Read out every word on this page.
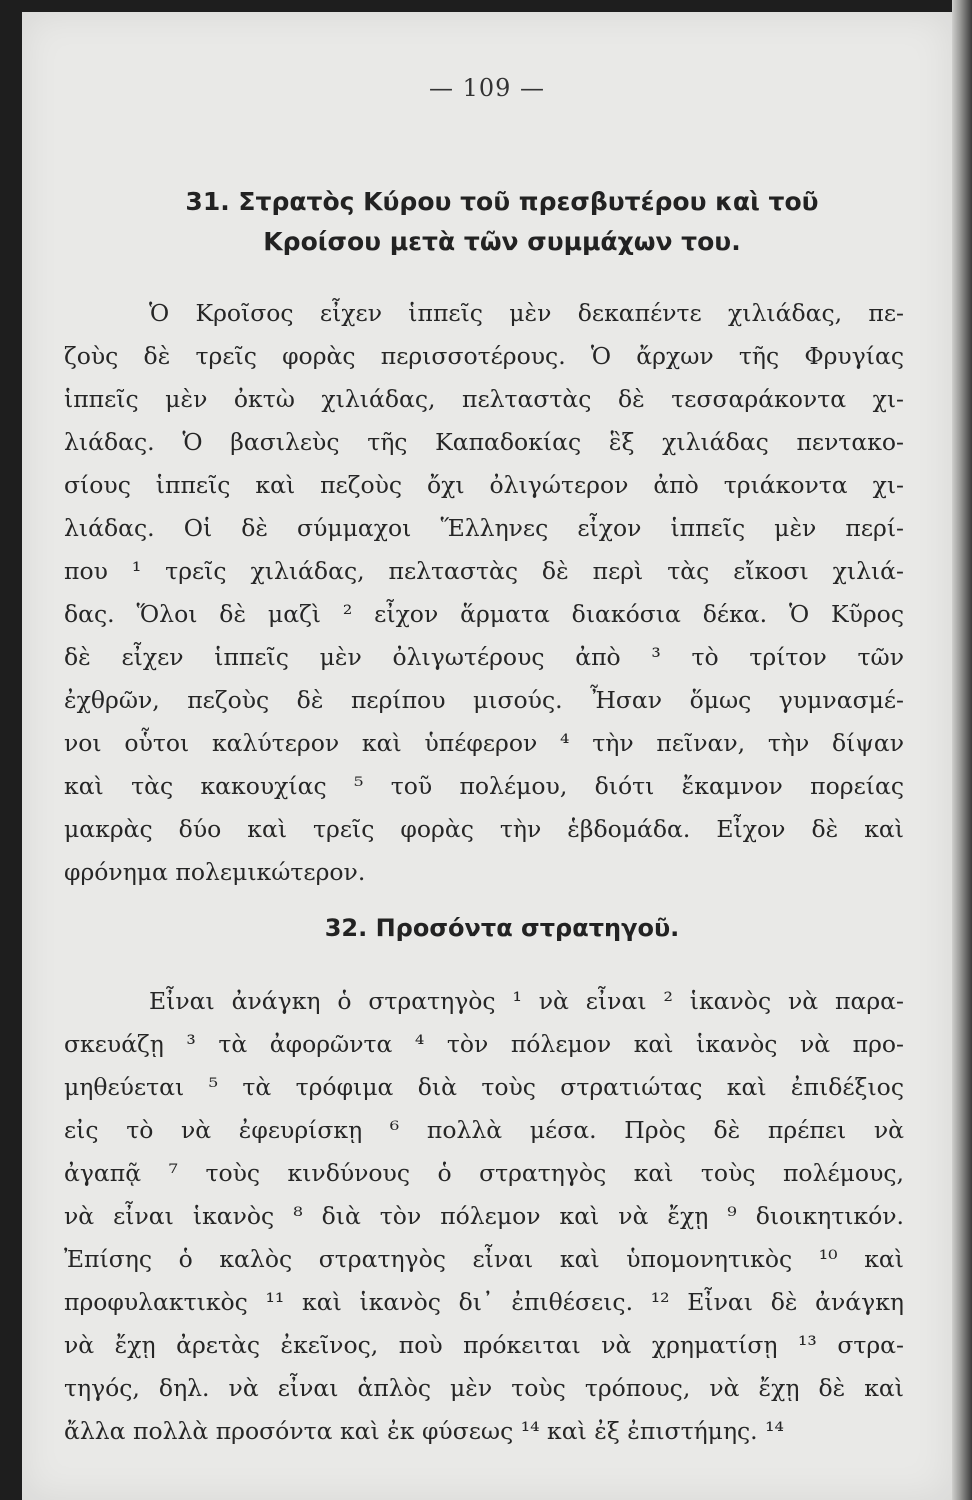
— 109 —
31. Στρατὸς Κύρου τοῦ πρεσβυτέρου καὶ τοῦ
Κροίσου μετὰ τῶν συμμάχων του.
Ὁ Κροῖσος εἶχεν ἱππεῖς μὲν δεκαπέντε χιλιάδας, πε-
ζοὺς δὲ τρεῖς φορὰς περισσοτέρους. Ὁ ἄρχων τῆς Φρυγίας
ἱππεῖς μὲν ὀκτὼ χιλιάδας, πελταστὰς δὲ τεσσαράκοντα χι-
λιάδας. Ὁ βασιλεὺς τῆς Καπαδοκίας ἓξ χιλιάδας πεντακο-
σίους ἱππεῖς καὶ πεζοὺς ὄχι ὀλιγώτερον ἀπὸ τριάκοντα χι-
λιάδας. Οἱ δὲ σύμμαχοι Ἕλληνες εἶχον ἱππεῖς μὲν περί-
που ¹ τρεῖς χιλιάδας, πελταστὰς δὲ περὶ τὰς εἴκοσι χιλιά-
δας. Ὅλοι δὲ μαζὶ ² εἶχον ἅρματα διακόσια δέκα. Ὁ Κῦρος
δὲ εἶχεν ἱππεῖς μὲν ὀλιγωτέρους ἀπὸ ³ τὸ τρίτον τῶν
ἐχθρῶν, πεζοὺς δὲ περίπου μισούς. Ἦσαν ὅμως γυμνασμέ-
νοι οὗτοι καλύτερον καὶ ὑπέφερον ⁴ τὴν πεῖναν, τὴν δίψαν
καὶ τὰς κακουχίας ⁵ τοῦ πολέμου, διότι ἔκαμνον πορείας
μακρὰς δύο καὶ τρεῖς φορὰς τὴν ἑβδομάδα. Εἶχον δὲ καὶ
φρόνημα πολεμικώτερον.
32. Προσόντα στρατηγοῦ.
Εἶναι ἀνάγκη ὁ στρατηγὸς ¹ νὰ εἶναι ² ἱκανὸς νὰ παρα-
σκευάζῃ ³ τὰ ἀφορῶντα ⁴ τὸν πόλεμον καὶ ἱκανὸς νὰ προ-
μηθεύεται ⁵ τὰ τρόφιμα διὰ τοὺς στρατιώτας καὶ ἐπιδέξιος
εἰς τὸ νὰ ἐφευρίσκῃ ⁶ πολλὰ μέσα. Πρὸς δὲ πρέπει νὰ
ἀγαπᾷ ⁷ τοὺς κινδύνους ὁ στρατηγὸς καὶ τοὺς πολέμους,
νὰ εἶναι ἱκανὸς ⁸ διὰ τὸν πόλεμον καὶ νὰ ἔχῃ ⁹ διοικητικόν.
Ἐπίσης ὁ καλὸς στρατηγὸς εἶναι καὶ ὑπομονητικὸς ¹⁰ καὶ
προφυλακτικὸς ¹¹ καὶ ἱκανὸς δι᾽ ἐπιθέσεις. ¹² Εἶναι δὲ ἀνάγκη
νὰ ἔχῃ ἀρετὰς ἐκεῖνος, ποὺ πρόκειται νὰ χρηματίσῃ ¹³ στρα-
τηγός, δηλ. νὰ εἶναι ἁπλὸς μὲν τοὺς τρόπους, νὰ ἔχῃ δὲ καὶ
ἄλλα πολλὰ προσόντα καὶ ἐκ φύσεως ¹⁴ καὶ ἐξ ἐπιστήμης. ¹⁴
